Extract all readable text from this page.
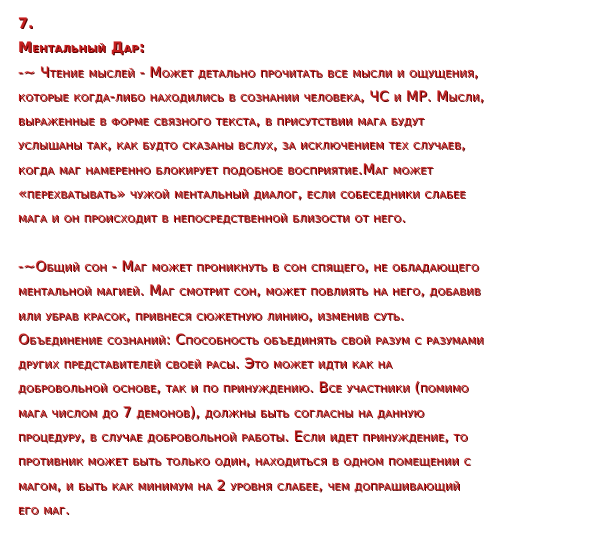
7.
Ментальный Дар:
-~ Чтение мыслей - Может детально прочитать все мысли и ощущения,
которые когда-либо находились в сознании человека, ЧС и МР. Мысли,
выраженные в форме связного текста, в присутствии мага будут
услышаны так, как будто сказаны вслух, за исключением тех случаев,
когда маг намеренно блокирует подобное восприятие.Маг может
«перехватывать» чужой ментальный диалог, если собеседники слабее
мага и он происходит в непосредственной близости от него.
-~Общий сон - Маг может проникнуть в сон спящего, не обладающего
ментальной магией. Маг смотрит сон, может повлиять на него, добавив
или убрав красок, привнеся сюжетную линию, изменив суть.
Объединение сознаний: Способность объединять свой разум с разумами
других представителей своей расы. Это может идти как на
добровольной основе, так и по принуждению. Все участники (помимо
мага числом до 7 демонов), должны быть согласны на данную
процедуру, в случае добровольной работы. Если идет принуждение, то
противник может быть только один, находиться в одном помещении с
магом, и быть как минимум на 2 уровня слабее, чем допрашивающий
его маг.
